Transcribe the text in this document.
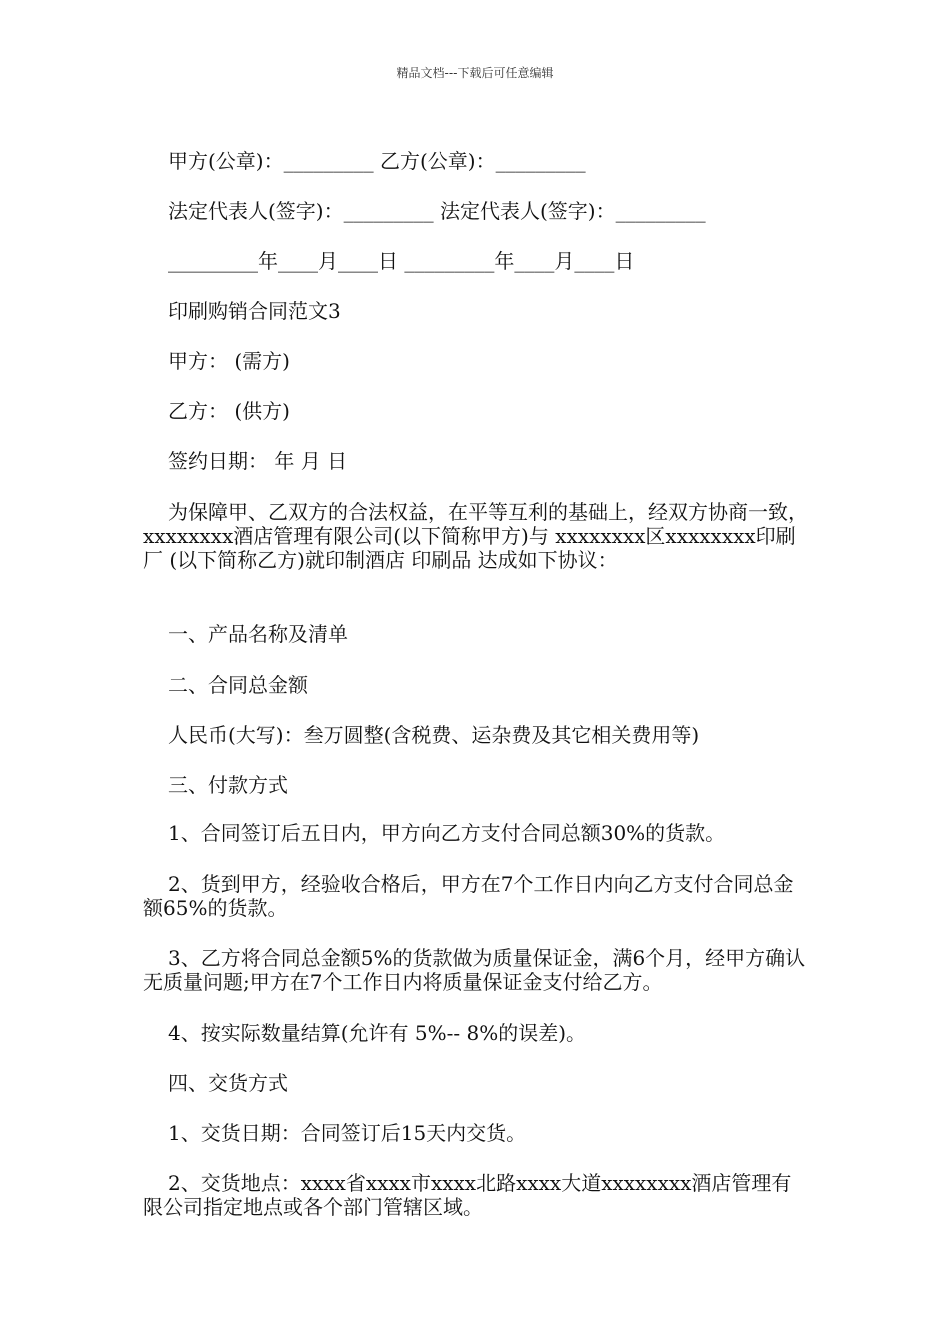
精品文档---下载后可任意编辑
甲方(公章)：_________ 乙方(公章)：_________
法定代表人(签字)：_________ 法定代表人(签字)：_________
_________年____月____日 _________年____月____日
印刷购销合同范文3
甲方： (需方)
乙方： (供方)
签约日期： 年 月 日
为保障甲、乙双方的合法权益，在平等互利的基础上，经双方协商一致，xxxxxxxx酒店管理有限公司(以下简称甲方)与 xxxxxxxx区xxxxxxxx印刷厂 (以下简称乙方)就印制酒店 印刷品 达成如下协议：
一、产品名称及清单
二、合同总金额
人民币(大写)：叁万圆整(含税费、运杂费及其它相关费用等)
三、付款方式
1、合同签订后五日内，甲方向乙方支付合同总额30%的货款。
2、货到甲方，经验收合格后，甲方在7个工作日内向乙方支付合同总金额65%的货款。
3、乙方将合同总金额5%的货款做为质量保证金，满6个月，经甲方确认无质量问题;甲方在7个工作日内将质量保证金支付给乙方。
4、按实际数量结算(允许有 5%-- 8%的误差)。
四、交货方式
1、交货日期：合同签订后15天内交货。
2、交货地点：xxxx省xxxx市xxxx北路xxxx大道xxxxxxxx酒店管理有限公司指定地点或各个部门管辖区域。
